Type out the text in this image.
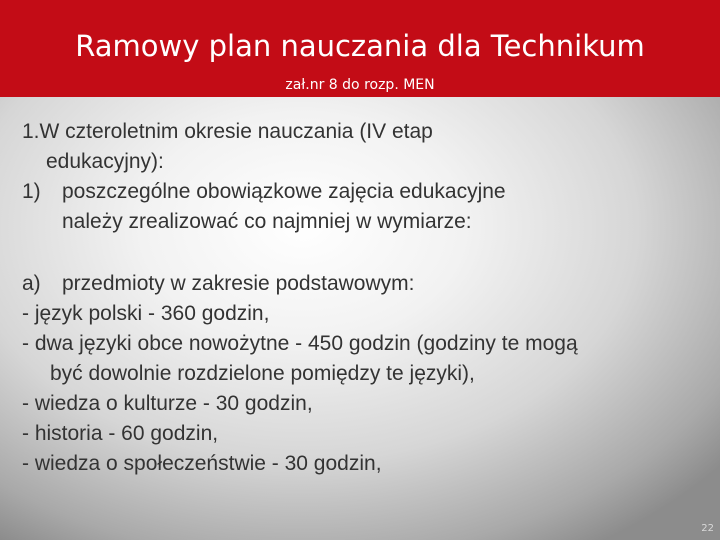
Ramowy plan nauczania dla Technikum
zał.nr 8 do rozp. MEN
1.W czteroletnim okresie nauczania (IV etap
edukacyjny):
1) poszczególne obowiązkowe zajęcia edukacyjne
należy zrealizować co najmniej w wymiarze:
a) przedmioty w zakresie podstawowym:
- język polski - 360 godzin,
- dwa języki obce nowożytne - 450 godzin (godziny te mogą
być dowolnie rozdzielone pomiędzy te języki),
- wiedza o kulturze - 30 godzin,
- historia - 60 godzin,
- wiedza o społeczeństwie - 30 godzin,
22
